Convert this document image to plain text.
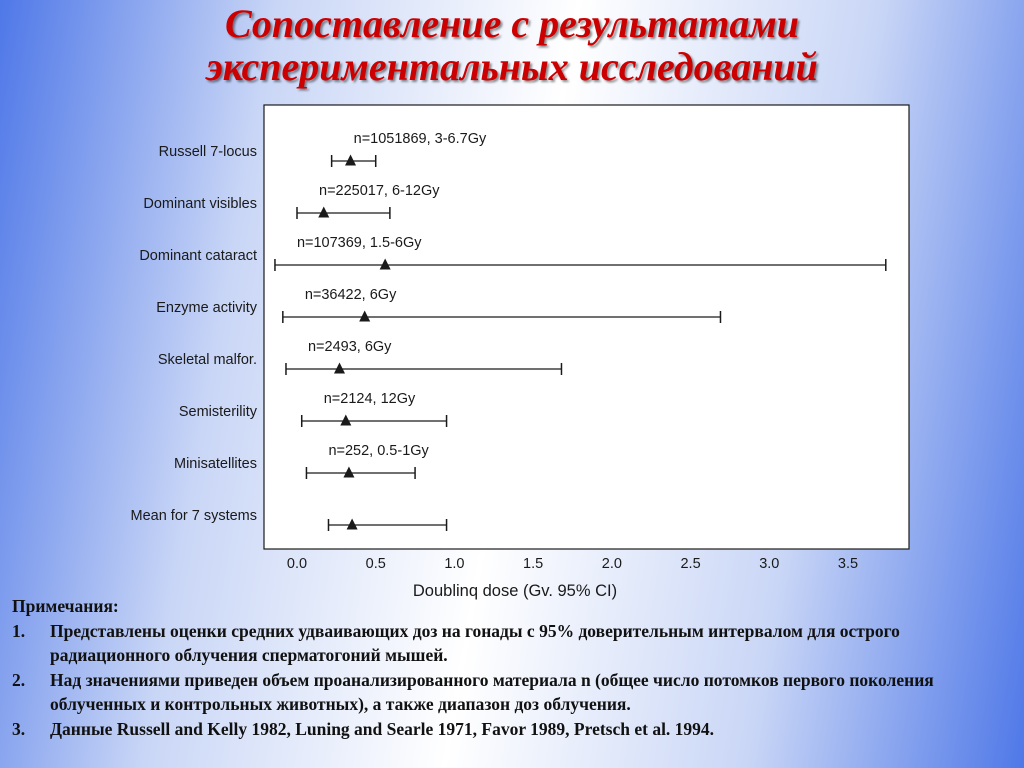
Сопоставление с результатами
экспериментальных исследований
Russell 7-locus
n=1051869, 3-6.7Gy
Dominant visibles
n=225017, 6-12Gy
Dominant cataract
n=107369, 1.5-6Gy
Enzyme activity
n=36422, 6Gy
Skeletal malfor.
n=2493, 6Gy
Semisterility
n=2124, 12Gy
Minisatellites
n=252, 0.5-1Gy
Mean for 7 systems
0.0	0.5	1.0	1.5	2.0	2.5	3.0	3.5
Doublinq dose (Gv. 95% CI)
Примечания:
1. Представлены оценки средних удваивающих доз на гонады с 95% доверительным интервалом для острого радиационного облучения сперматогоний мышей.
2. Над значениями приведен объем проанализированного материала n (общее число потомков первого поколения облученных и контрольных животных), а также диапазон доз облучения.
3. Данные Russell and Kelly 1982, Luning and Searle 1971, Favor 1989, Pretsch et al. 1994.
